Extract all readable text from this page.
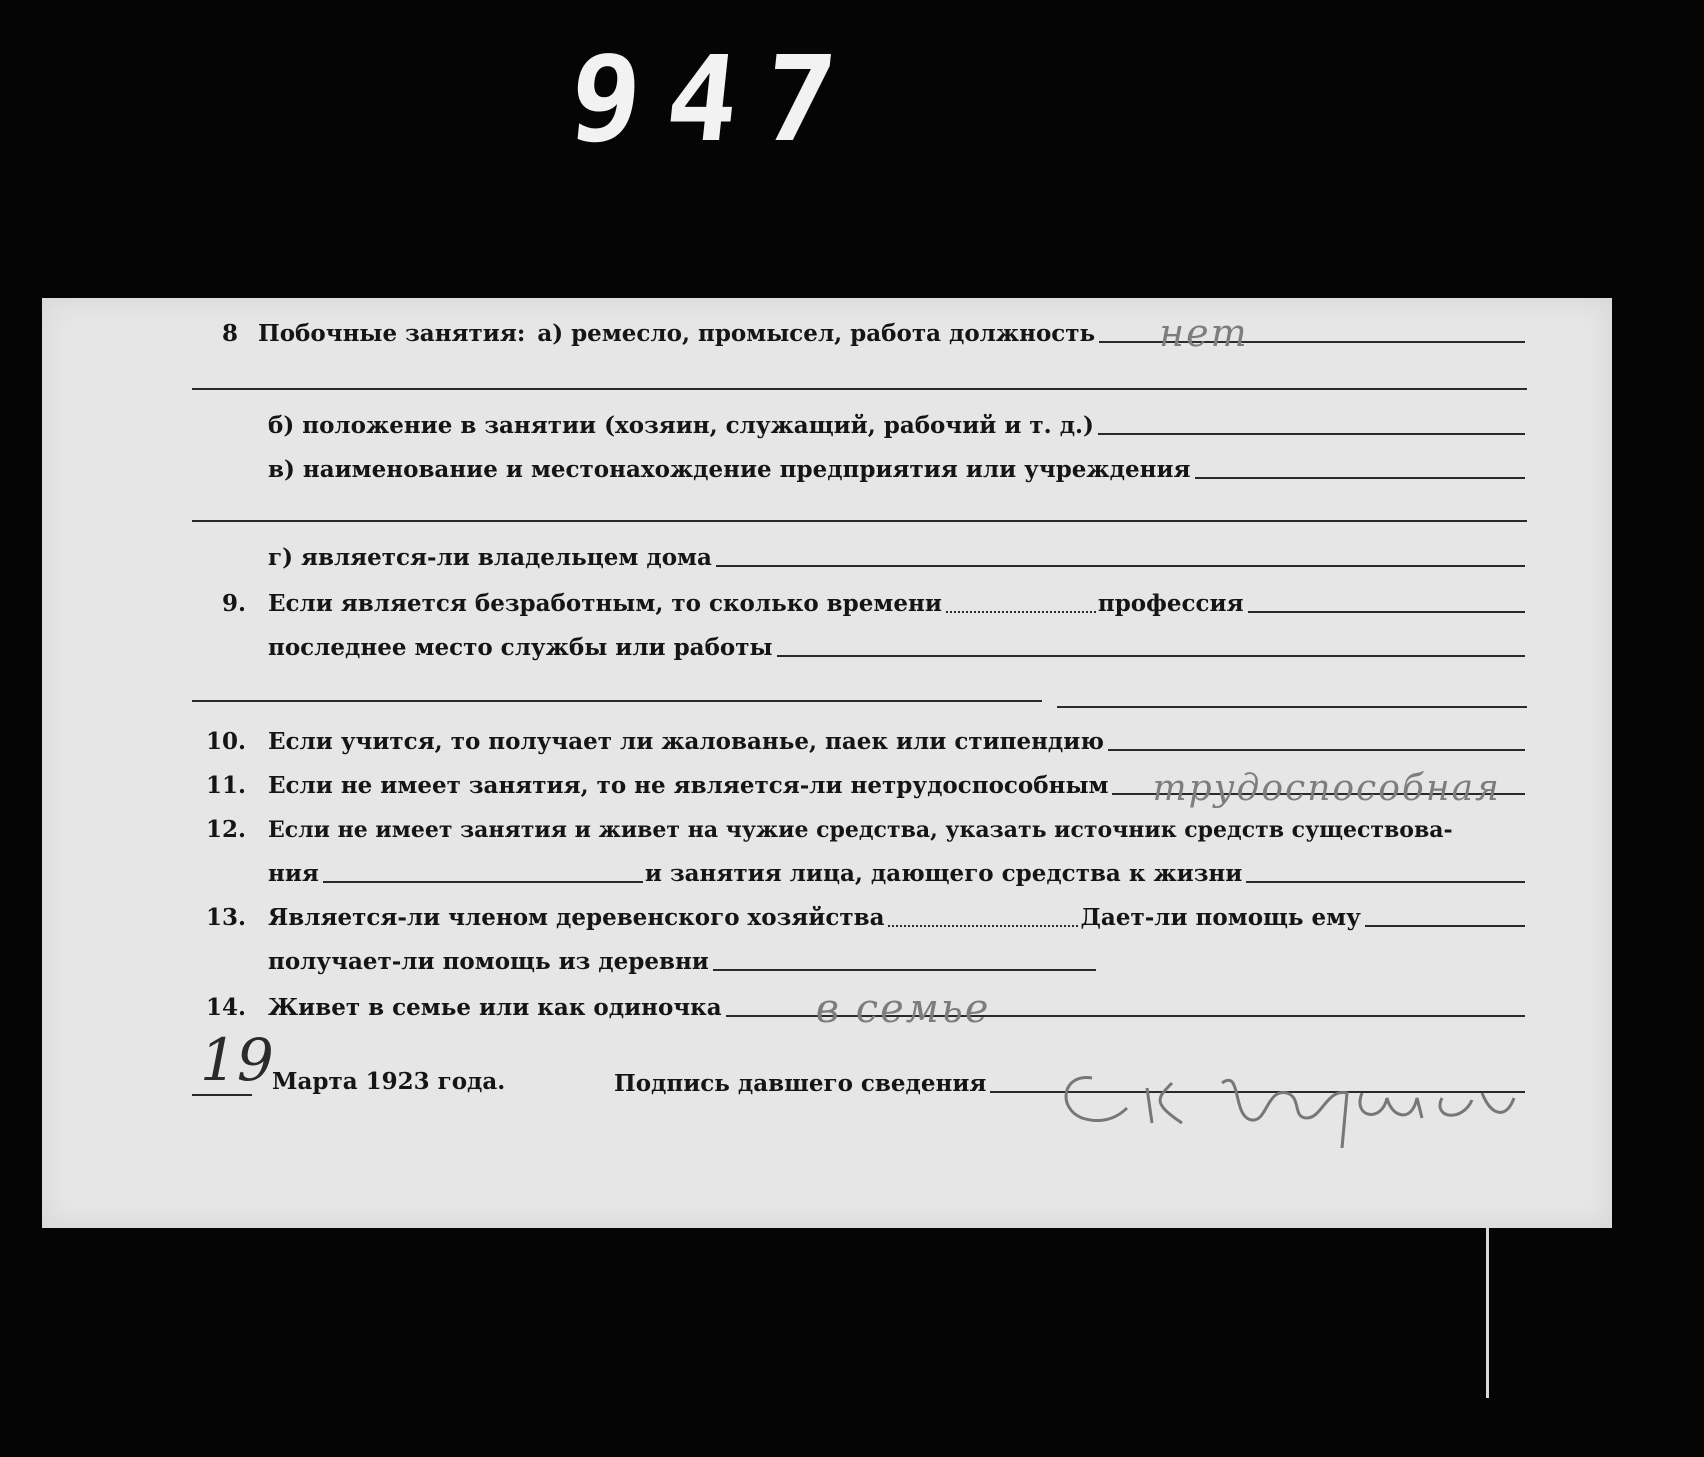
947
8 Побочные занятия: а) ремесло, промысел, работа должность нет
б) положение в занятии (хозяин, служащий, рабочий и т. д.)
в) наименование и местонахождение предприятия или учреждения
г) является-ли владельцем дома
9. Если является безработным, то сколько времени	профессия
последнее место службы или работы
10. Если учится, то получает ли жалованье, паек или стипендию
11. Если не имеет занятия, то не является-ли нетрудоспособным трудоспособная
12. Если не имеет занятия и живет на чужие средства, указать источник средств существова-
ния	и занятия лица, дающего средства к жизни
13. Является-ли членом деревенского хозяйства	Дает-ли помощь ему
получает-ли помощь из деревни
14. Живет в семье или как одиночка в семье
19
Марта 1923 года.	Подпись давшего сведения
